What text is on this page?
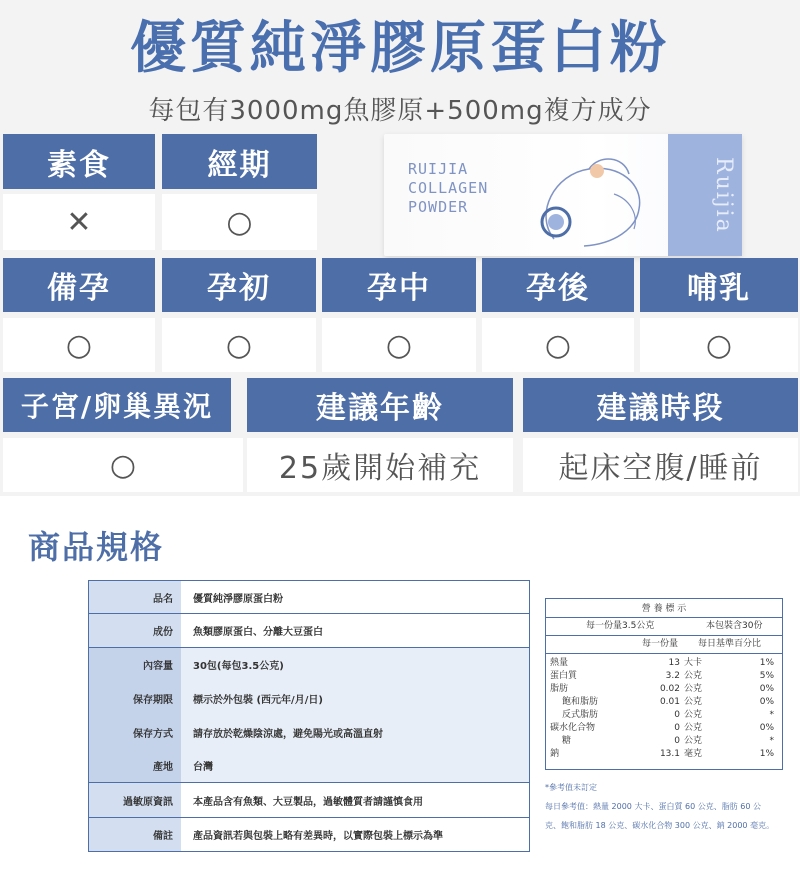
優質純淨膠原蛋白粉
每包有3000mg魚膠原+500mg複方成分
素食	經期
✕	○
RUIJIA
COLLAGEN
POWDER	Ruijia
備孕	孕初	孕中	孕後	哺乳
○	○	○	○	○
子宮/卵巢異況	建議年齡	建議時段
○	25歲開始補充	起床空腹/睡前
商品規格
品名	優質純淨膠原蛋白粉
成份	魚類膠原蛋白、分離大豆蛋白
內容量	30包(每包3.5公克)
保存期限	標示於外包裝 (西元年/月/日)
保存方式	請存放於乾燥陰涼處，避免陽光或高溫直射
產地	台灣
過敏原資訊	本產品含有魚類、大豆製品，過敏體質者請謹慎食用
備註	產品資訊若與包裝上略有差異時，以實際包裝上標示為準
營 養 標 示
每一份量3.5公克	本包裝含30份
每一份量 每日基準百分比
熱量	13 大卡	1%
蛋白質	3.2 公克	5%
脂肪	0.02 公克	0%
飽和脂肪	0.01 公克	0%
反式脂肪	0 公克	*
碳水化合物	0 公克	0%
糖	0 公克	*
鈉	13.1 毫克	1%
*參考值未訂定
每日參考值：熱量 2000 大卡、蛋白質 60 公克、脂肪 60 公
克、飽和脂肪 18 公克、碳水化合物 300 公克、鈉 2000 毫克。
